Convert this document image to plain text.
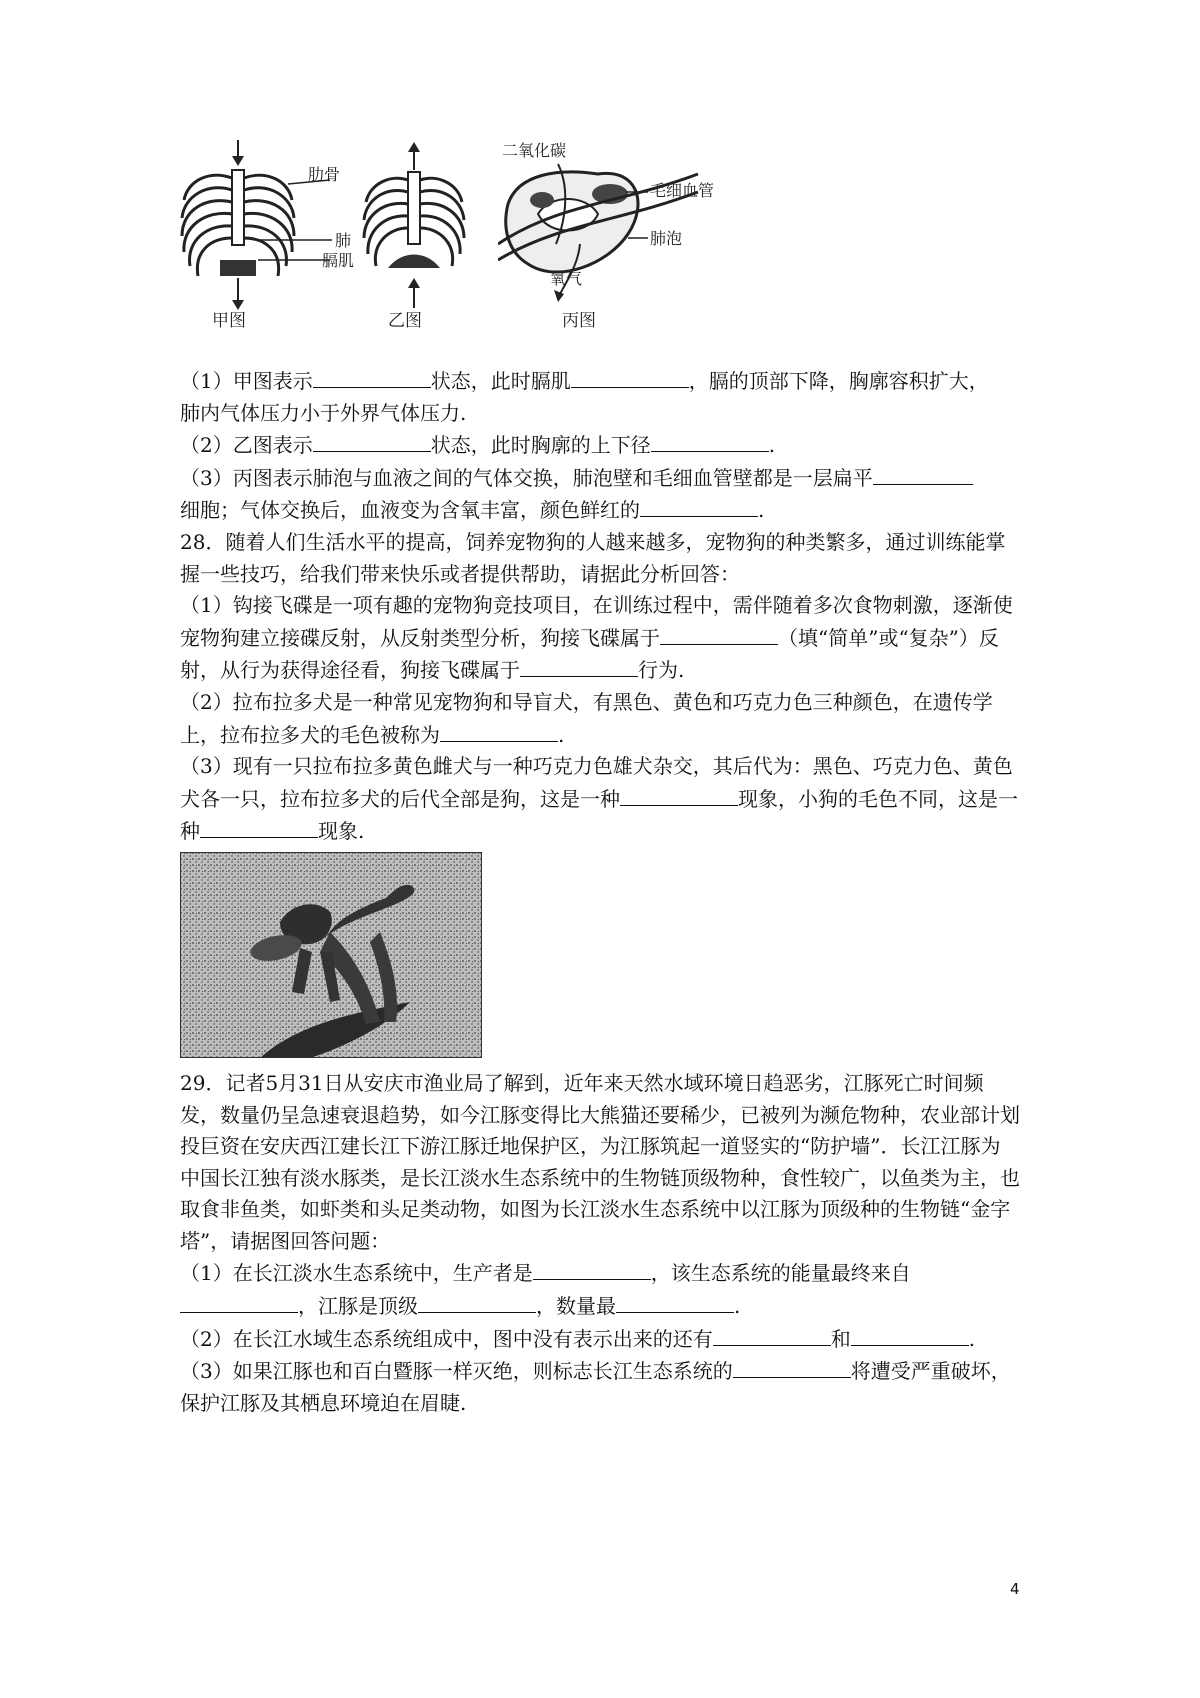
肋骨
肺
膈肌
甲图	乙图
二氧化碳
毛细血管
肺泡
氧气
丙图

（1）甲图表示	状态，此时膈肌	，膈的顶部下降，胸廓容积扩大，
肺内气体压力小于外界气体压力.

（2）乙图表示	状态，此时胸廓的上下径	.

（3）丙图表示肺泡与血液之间的气体交换，肺泡壁和毛细血管壁都是一层扁平
细胞；气体交换后，血液变为含氧丰富，颜色鲜红的	.

28．随着人们生活水平的提高，饲养宠物狗的人越来越多，宠物狗的种类繁多，通过训练能掌握一些技巧，给我们带来快乐或者提供帮助，请据此分析回答：

（1）钩接飞碟是一项有趣的宠物狗竞技项目，在训练过程中，需伴随着多次食物刺激，逐渐使宠物狗建立接碟反射，从反射类型分析，狗接飞碟属于	（填“简单”或“复杂”）反射，从行为获得途径看，狗接飞碟属于	行为.

（2）拉布拉多犬是一种常见宠物狗和导盲犬，有黑色、黄色和巧克力色三种颜色，在遗传学上，拉布拉多犬的毛色被称为	.

（3）现有一只拉布拉多黄色雌犬与一种巧克力色雄犬杂交，其后代为：黑色、巧克力色、黄色犬各一只，拉布拉多犬的后代全部是狗，这是一种	现象，小狗的毛色不同，这是一种	现象.

29．记者5月31日从安庆市渔业局了解到，近年来天然水域环境日趋恶劣，江豚死亡时间频发，数量仍呈急速衰退趋势，如今江豚变得比大熊猫还要稀少，已被列为濒危物种，农业部计划投巨资在安庆西江建长江下游江豚迁地保护区，为江豚筑起一道竖实的“防护墙”．长江江豚为中国长江独有淡水豚类，是长江淡水生态系统中的生物链顶级物种，食性较广，以鱼类为主，也取食非鱼类，如虾类和头足类动物，如图为长江淡水生态系统中以江豚为顶级种的生物链“金字塔”，请据图回答问题：

（1）在长江淡水生态系统中，生产者是	，该生态系统的能量最终来自，江豚是顶级	，数量最	.

（2）在长江水域生态系统组成中，图中没有表示出来的还有	和	.

（3）如果江豚也和百白暨豚一样灭绝，则标志长江生态系统的	将遭受严重破坏，保护江豚及其栖息环境迫在眉睫.

4
